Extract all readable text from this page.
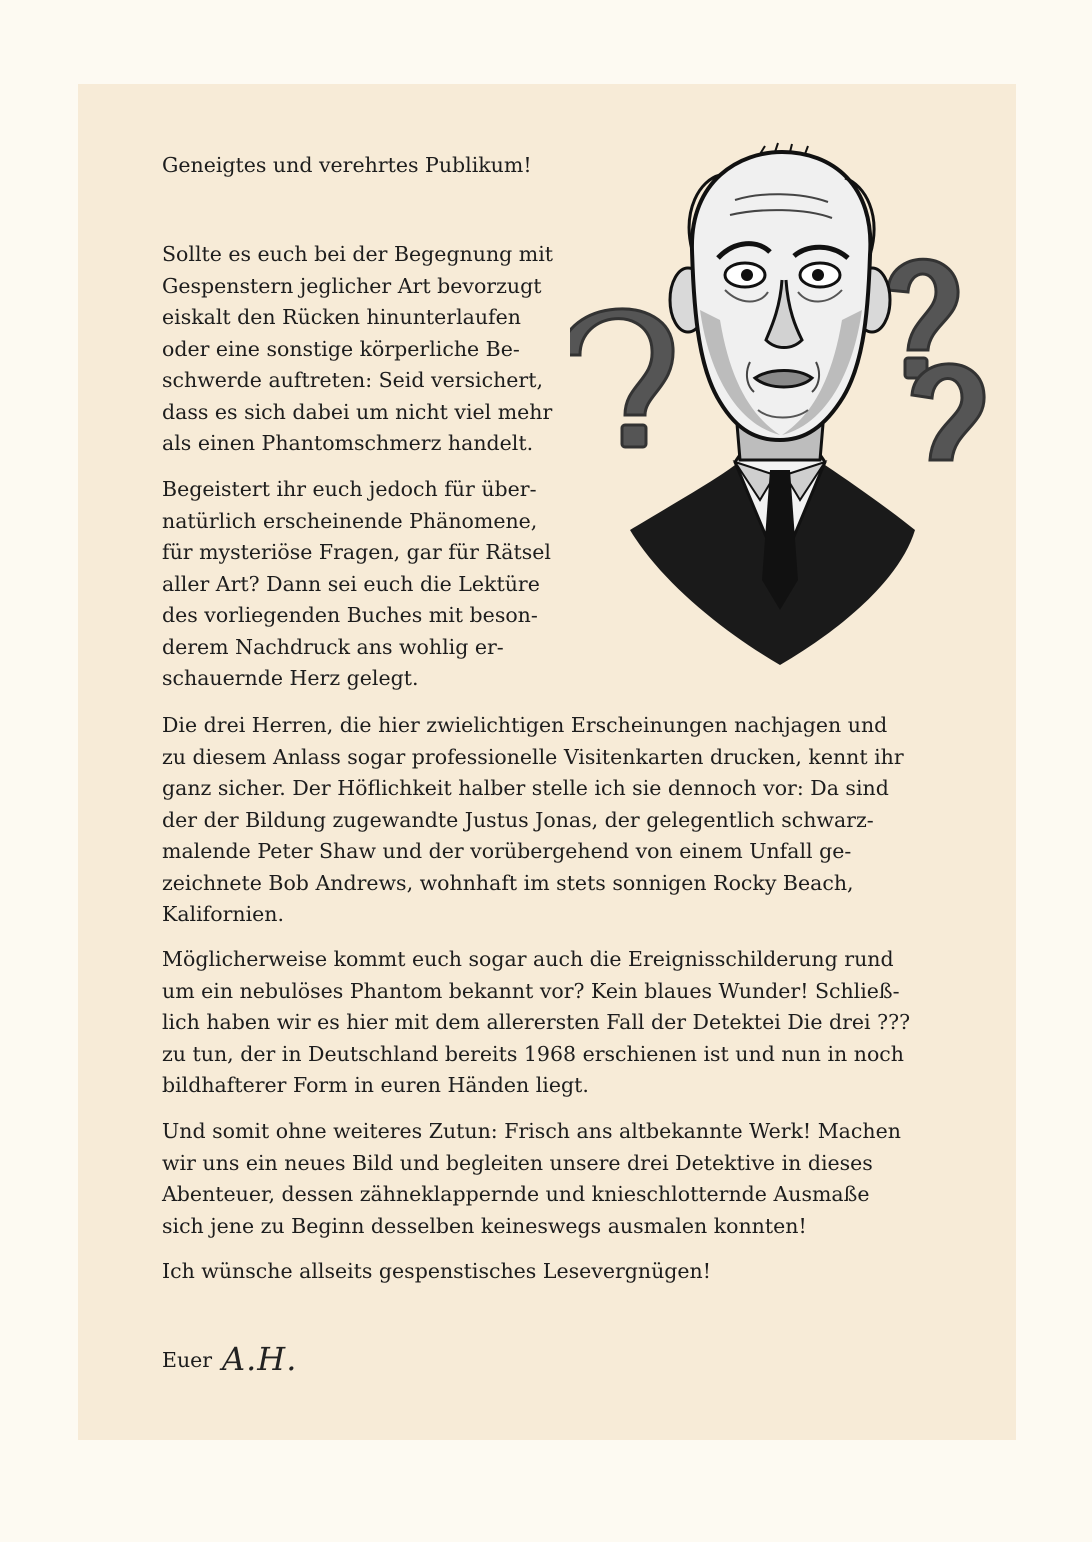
Geneigtes und verehrtes Publikum!

Sollte es euch bei der Begegnung mit
Gespenstern jeglicher Art bevorzugt
eiskalt den Rücken hinunterlaufen
oder eine sonstige körperliche Be-
schwerde auftreten: Seid versichert,
dass es sich dabei um nicht viel mehr
als einen Phantomschmerz handelt.

Begeistert ihr euch jedoch für über-
natürlich erscheinende Phänomene,
für mysteriöse Fragen, gar für Rätsel
aller Art? Dann sei euch die Lektüre
des vorliegenden Buches mit beson-
derem Nachdruck ans wohlig er-
schauernde Herz gelegt.

Die drei Herren, die hier zwielichtigen Erscheinungen nachjagen und
zu diesem Anlass sogar professionelle Visitenkarten drucken, kennt ihr
ganz sicher. Der Höflichkeit halber stelle ich sie dennoch vor: Da sind
der der Bildung zugewandte Justus Jonas, der gelegentlich schwarz-
malende Peter Shaw und der vorübergehend von einem Unfall ge-
zeichnete Bob Andrews, wohnhaft im stets sonnigen Rocky Beach,
Kalifornien.

Möglicherweise kommt euch sogar auch die Ereignisschilderung rund
um ein nebulöses Phantom bekannt vor? Kein blaues Wunder! Schließ-
lich haben wir es hier mit dem allerersten Fall der Detektei Die drei ???
zu tun, der in Deutschland bereits 1968 erschienen ist und nun in noch
bildhafterer Form in euren Händen liegt.

Und somit ohne weiteres Zutun: Frisch ans altbekannte Werk! Machen
wir uns ein neues Bild und begleiten unsere drei Detektive in dieses
Abenteuer, dessen zähneklappernde und knieschlotternde Ausmaße
sich jene zu Beginn desselben keineswegs ausmalen konnten!

Ich wünsche allseits gespenstisches Lesevergnügen!

Euer A.H.
